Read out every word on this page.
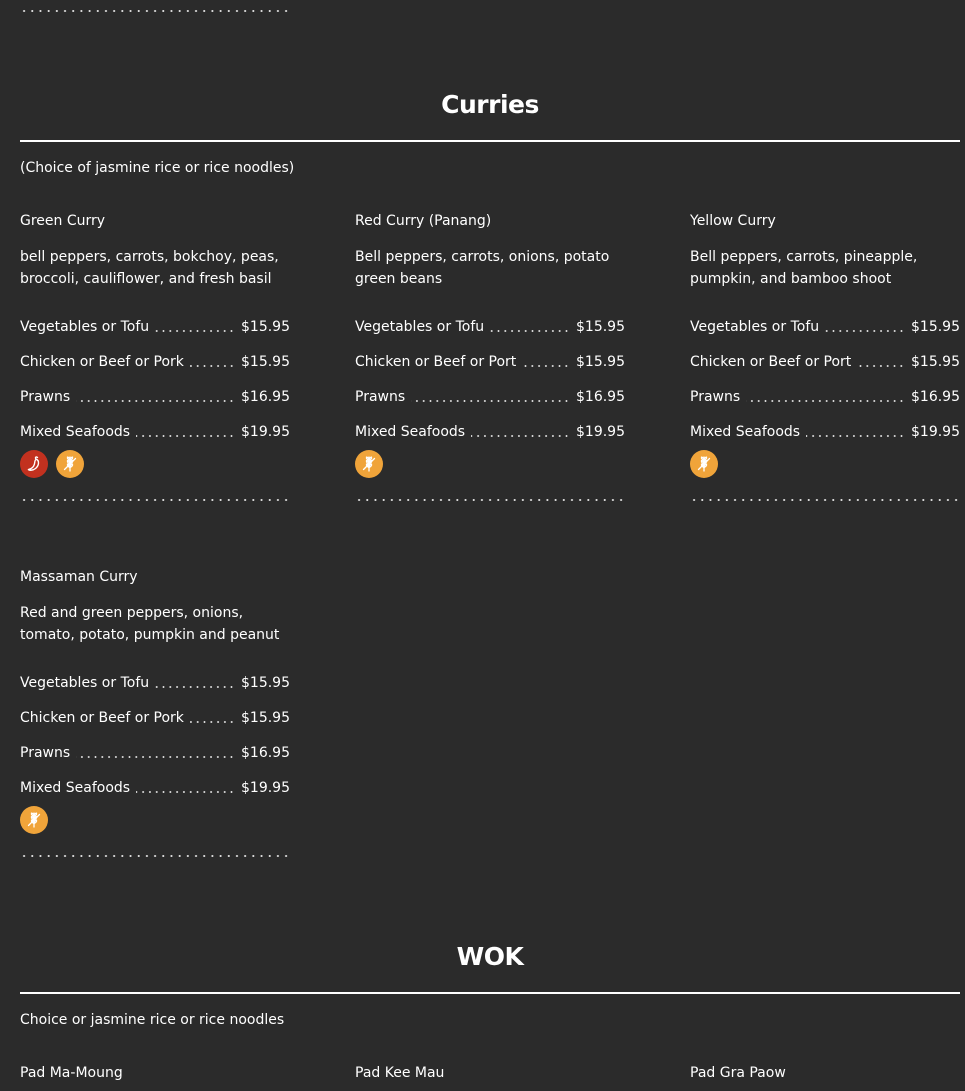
Curries
(Choice of jasmine rice or rice noodles)
Green Curry
bell peppers, carrots, bokchoy, peas, broccoli, cauliflower, and fresh basil
Vegetables or Tofu	$15.95
Chicken or Beef or Pork	$15.95
Prawns	$16.95
Mixed Seafoods	$19.95
Red Curry (Panang)
Bell peppers, carrots, onions, potato green beans
Vegetables or Tofu	$15.95
Chicken or Beef or Port	$15.95
Prawns	$16.95
Mixed Seafoods	$19.95
Yellow Curry
Bell peppers, carrots, pineapple, pumpkin, and bamboo shoot
Vegetables or Tofu	$15.95
Chicken or Beef or Port	$15.95
Prawns	$16.95
Mixed Seafoods	$19.95
Massaman Curry
Red and green peppers, onions, tomato, potato, pumpkin and peanut
Vegetables or Tofu	$15.95
Chicken or Beef or Pork	$15.95
Prawns	$16.95
Mixed Seafoods	$19.95
WOK
Choice or jasmine rice or rice noodles
Pad Ma-Moung	Pad Kee Mau	Pad Gra Paow
